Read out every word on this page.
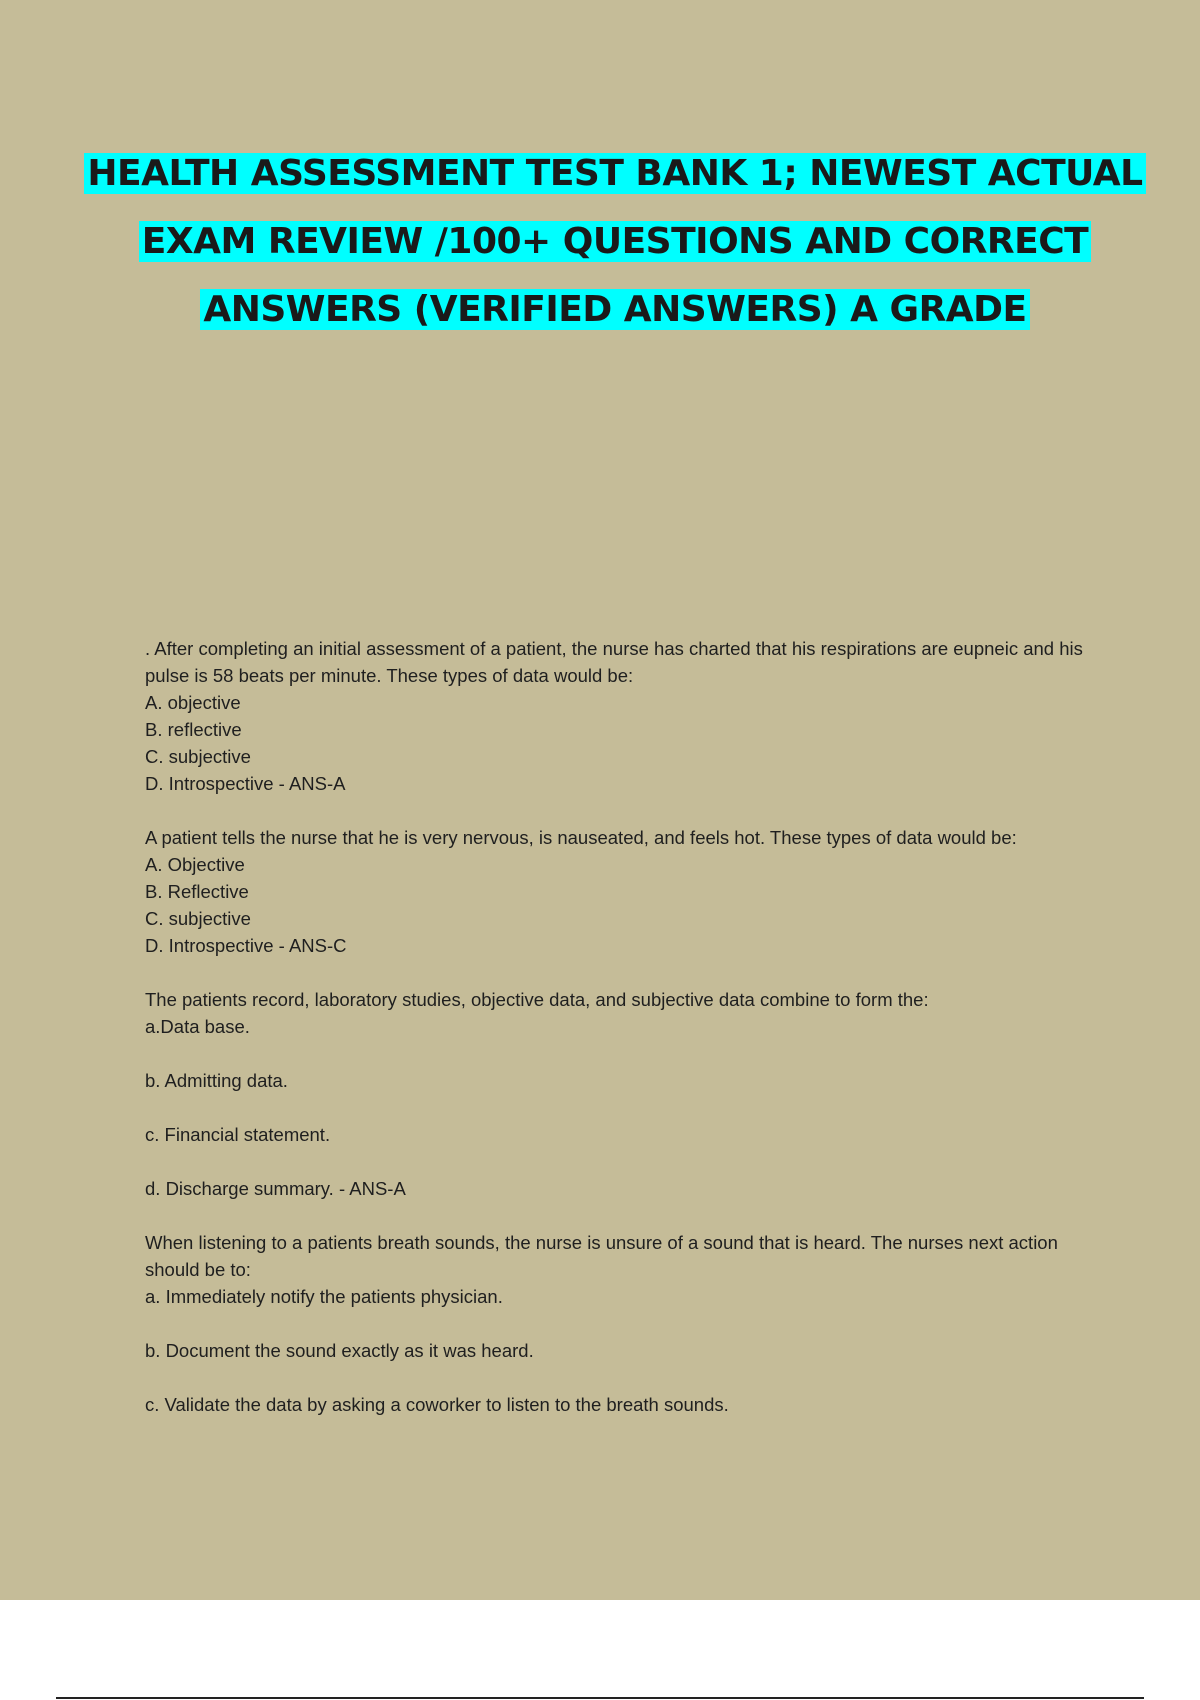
HEALTH ASSESSMENT TEST BANK 1; NEWEST ACTUAL EXAM REVIEW /100+ QUESTIONS AND CORRECT ANSWERS (VERIFIED ANSWERS) A GRADE
. After completing an initial assessment of a patient, the nurse has charted that his respirations are eupneic and his pulse is 58 beats per minute. These types of data would be:
A. objective
B. reflective
C. subjective
D. Introspective - ANS-A
A patient tells the nurse that he is very nervous, is nauseated, and feels hot. These types of data would be:
A. Objective
B. Reflective
C. subjective
D. Introspective - ANS-C
The patients record, laboratory studies, objective data, and subjective data combine to form the:
a.Data base.
b. Admitting data.
c. Financial statement.
d. Discharge summary. - ANS-A
When listening to a patients breath sounds, the nurse is unsure of a sound that is heard. The nurses next action should be to:
a. Immediately notify the patients physician.
b. Document the sound exactly as it was heard.
c. Validate the data by asking a coworker to listen to the breath sounds.
